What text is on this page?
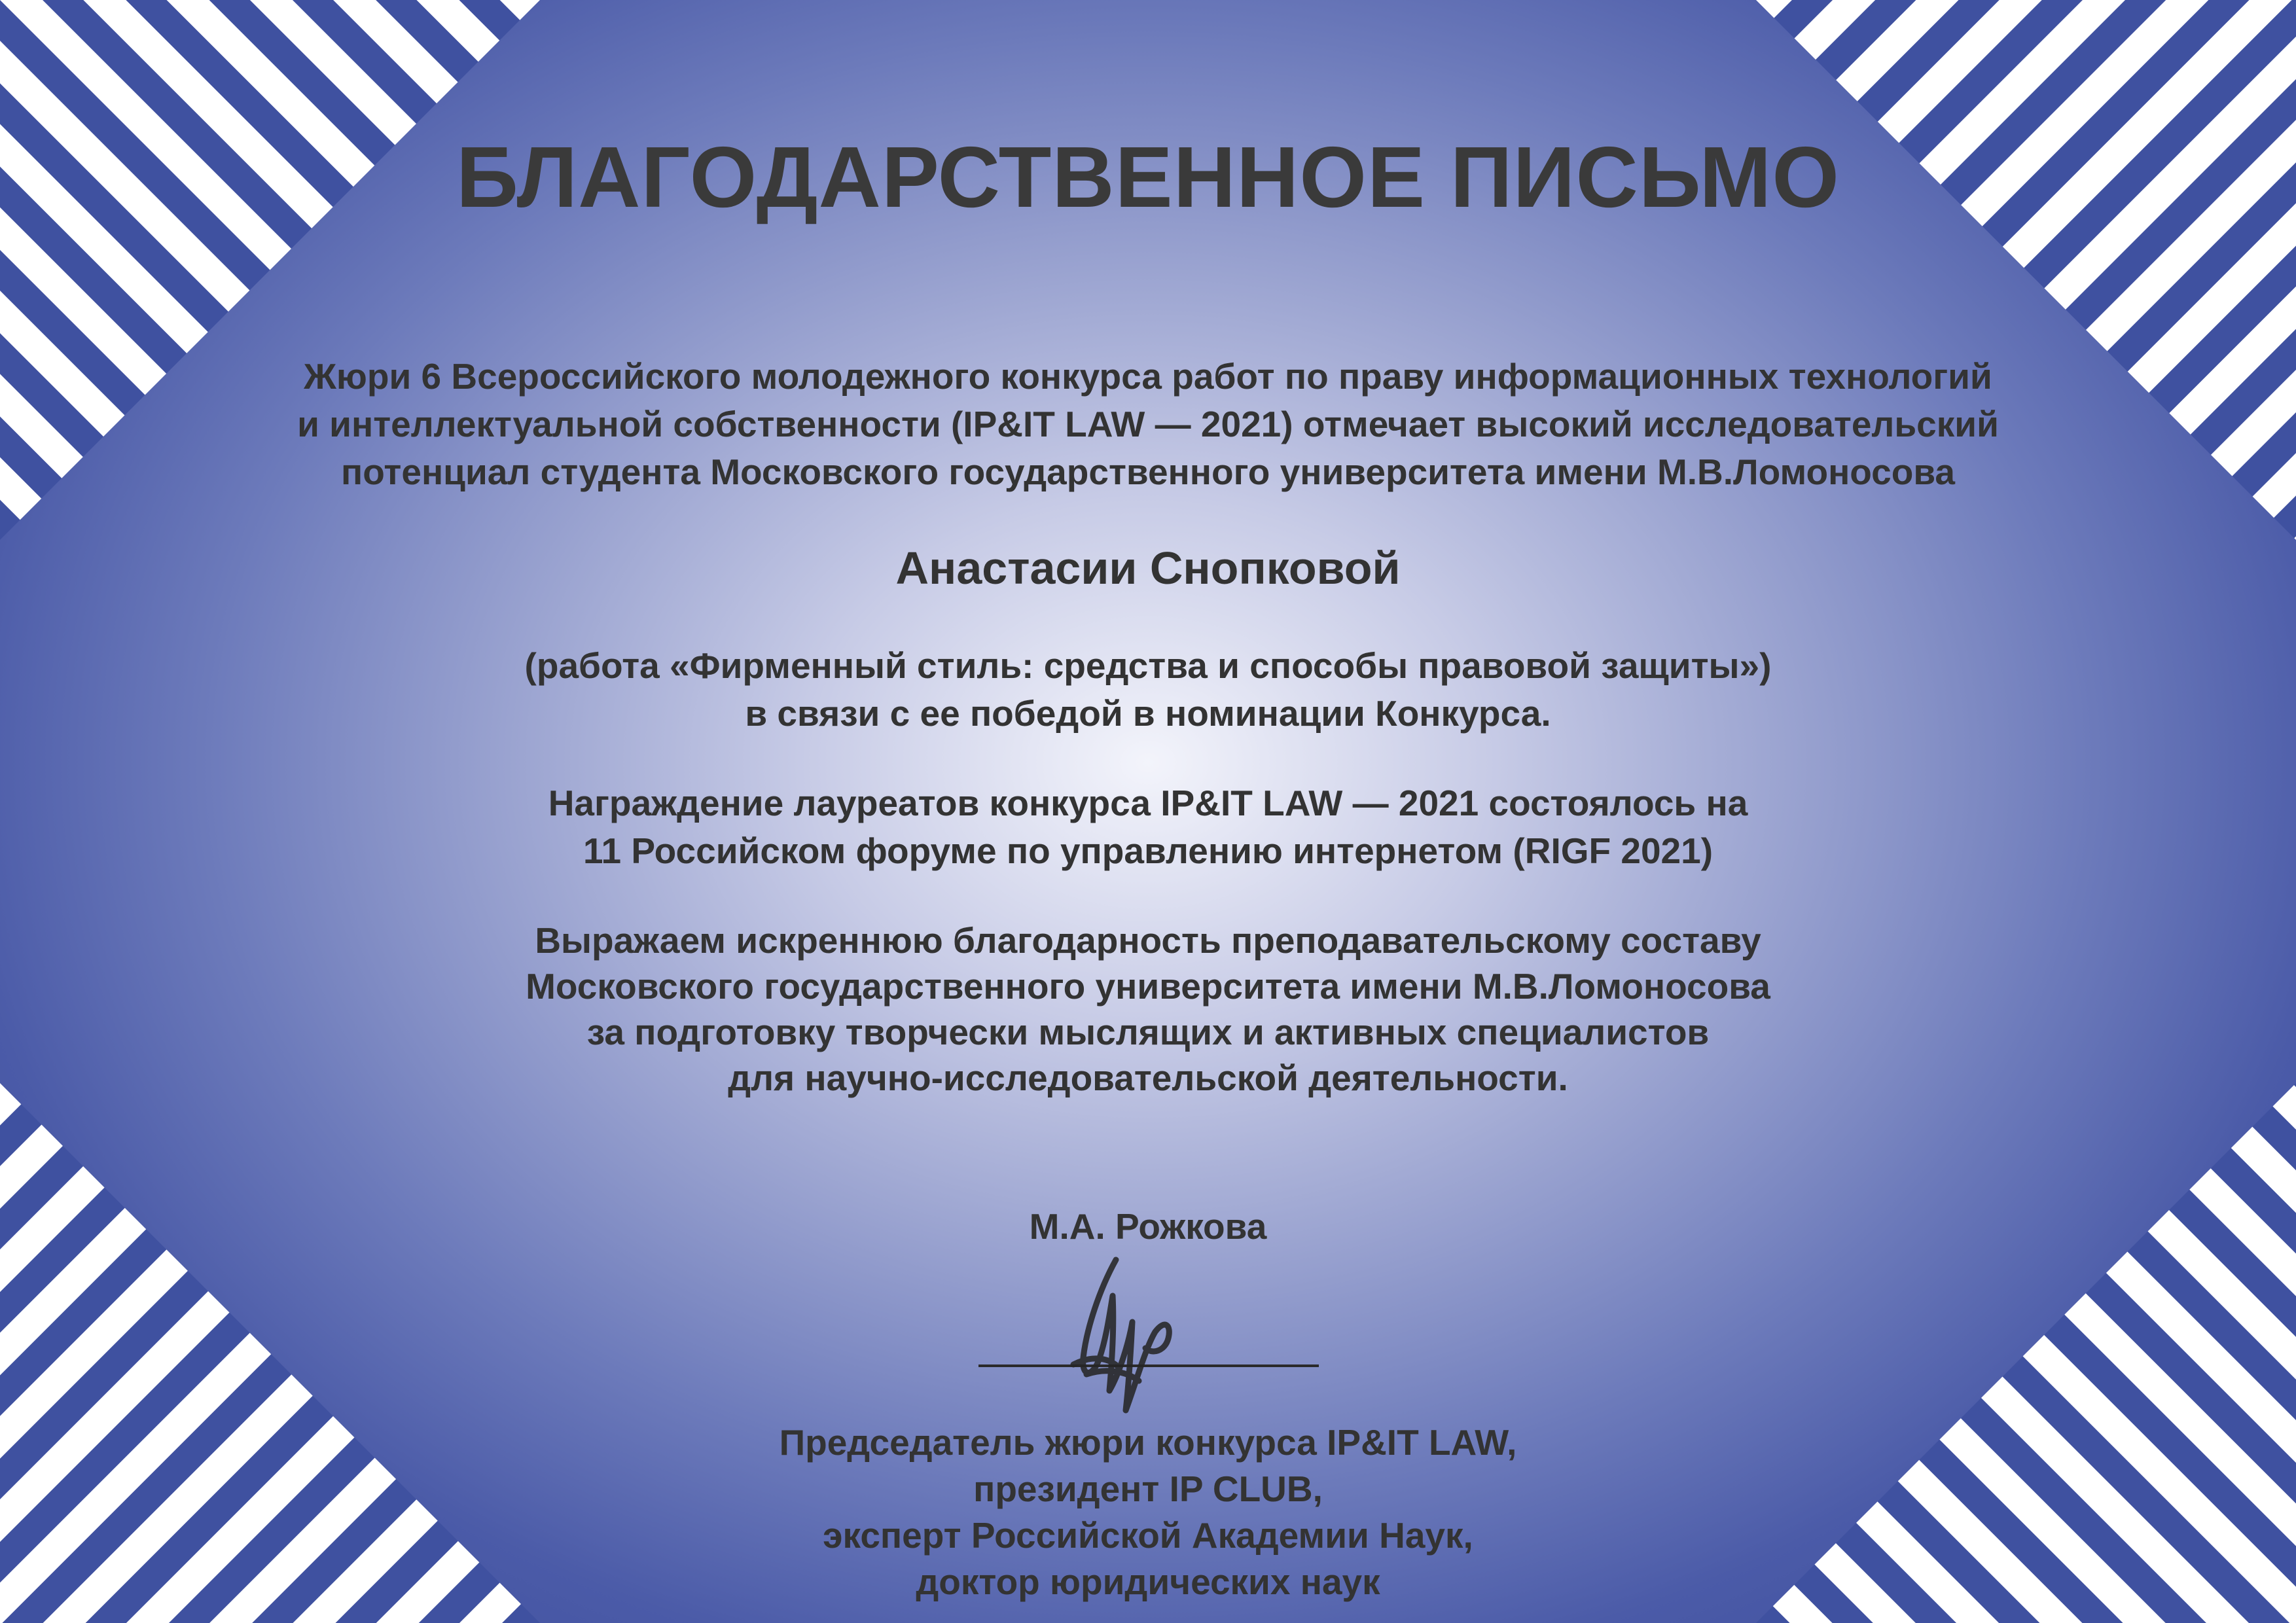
БЛАГОДАРСТВЕННОЕ ПИСЬМО
Жюри 6 Всероссийского молодежного конкурса работ по праву информационных технологий
и интеллектуальной собственности (IP&IT LAW — 2021) отмечает высокий исследовательский
потенциал студента Московского государственного университета имени М.В.Ломоносова
Анастасии Снопковой
(работа «Фирменный стиль: средства и способы правовой защиты»)
в связи с ее победой в номинации Конкурса.
Награждение лауреатов конкурса IP&IT LAW — 2021 состоялось на
11 Российском форуме по управлению интернетом (RIGF 2021)
Выражаем искреннюю благодарность преподавательскому составу
Московского государственного университета имени М.В.Ломоносова
за подготовку творчески мыслящих и активных специалистов
для научно-исследовательской деятельности.
М.А. Рожкова
Председатель жюри конкурса IP&IT LAW,
президент IP CLUB,
эксперт Российской Академии Наук,
доктор юридических наук
